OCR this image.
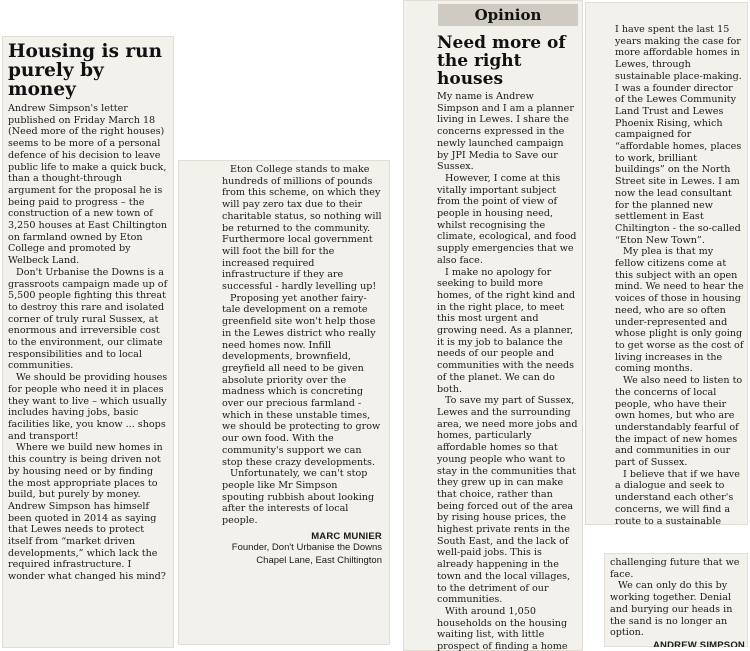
Housing is run purely by money

Andrew Simpson's letter published on Friday March 18 (Need more of the right houses) seems to be more of a personal defence of his decision to leave public life to make a quick buck, than a thought-through argument for the proposal he is being paid to progress – the construction of a new town of 3,250 houses at East Chiltington on farmland owned by Eton College and promoted by Welbeck Land.

Don't Urbanise the Downs is a grassroots campaign made up of 5,500 people fighting this threat to destroy this rare and isolated corner of truly rural Sussex, at enormous and irreversible cost to the environment, our climate responsibilities and to local communities.

We should be providing houses for people who need it in places they want to live – which usually includes having jobs, basic facilities like, you know ... shops and transport!

Where we build new homes in this country is being driven not by housing need or by finding the most appropriate places to build, but purely by money. Andrew Simpson has himself been quoted in 2014 as saying that Lewes needs to protect itself from “market driven developments,” which lack the required infrastructure. I wonder what changed his mind?

Eton College stands to make hundreds of millions of pounds from this scheme, on which they will pay zero tax due to their charitable status, so nothing will be returned to the community. Furthermore local government will foot the bill for the increased required infrastructure if they are successful - hardly levelling up!

Proposing yet another fairy-tale development on a remote greenfield site won't help those in the Lewes district who really need homes now. Infill developments, brownfield, greyfield all need to be given absolute priority over the madness which is concreting over our precious farmland - which in these unstable times, we should be protecting to grow our own food. With the community's support we can stop these crazy developments.

Unfortunately, we can't stop people like Mr Simpson spouting rubbish about looking after the interests of local people.

MARC MUNIER
Founder, Don't Urbanise the Downs
Chapel Lane, East Chiltington
Need more of the right houses

My name is Andrew Simpson and I am a planner living in Lewes. I share the concerns expressed in the newly launched campaign by JPI Media to Save our Sussex.

However, I come at this vitally important subject from the point of view of people in housing need, whilst recognising the climate, ecological, and food supply emergencies that we also face.

I make no apology for seeking to build more homes, of the right kind and in the right place, to meet this most urgent and growing need. As a planner, it is my job to balance the needs of our people and communities with the needs of the planet. We can do both.

To save my part of Sussex, Lewes and the surrounding area, we need more jobs and homes, particularly affordable homes so that young people who want to stay in the communities that they grew up in can make that choice, rather than being forced out of the area by rising house prices, the highest private rents in the South East, and the lack of well-paid jobs. This is already happening in the town and the local villages, to the detriment of our communities.

With around 1,050 households on the housing waiting list, with little prospect of finding a home

Opinion

I have spent the last 15 years making the case for more affordable homes in Lewes, through sustainable place-making. I was a founder director of the Lewes Community Land Trust and Lewes Phoenix Rising, which campaigned for “affordable homes, places to work, brilliant buildings” on the North Street site in Lewes. I am now the lead consultant for the planned new settlement in East Chiltington - the so-called “Eton New Town”.

My plea is that my fellow citizens come at this subject with an open mind. We need to hear the voices of those in housing need, who are so often under-represented and whose plight is only going to get worse as the cost of living increases in the coming months.

We also need to listen to the concerns of local people, who have their own homes, but who are understandably fearful of the impact of new homes and communities in our part of Sussex.

I believe that if we have a dialogue and seek to understand each other's concerns, we will find a route to a sustainable

challenging future that we face.

We can only do this by working together. Denial and burying our heads in the sand is no longer an option.

ANDREW SIMPSON
